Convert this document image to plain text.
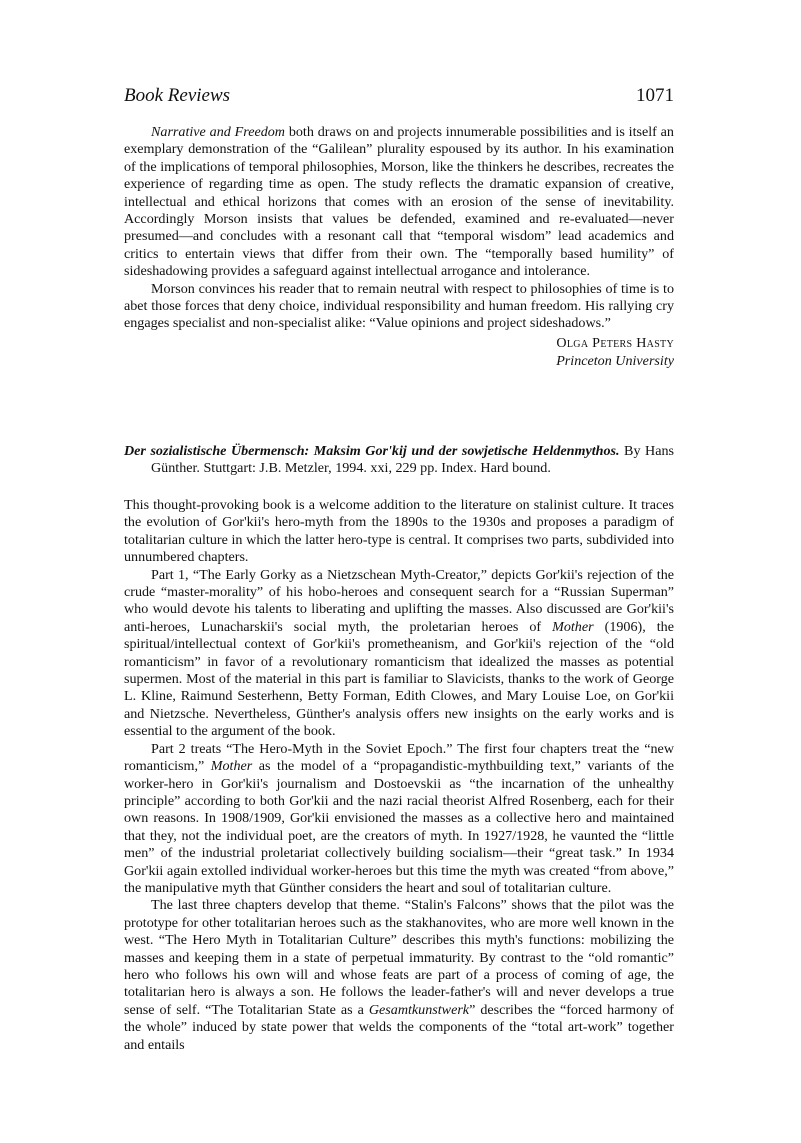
Book Reviews	1071

Narrative and Freedom both draws on and projects innumerable possibilities and is itself an exemplary demonstration of the “Galilean” plurality espoused by its author. In his examination of the implications of temporal philosophies, Morson, like the thinkers he describes, recreates the experience of regarding time as open. The study reflects the dramatic expansion of creative, intellectual and ethical horizons that comes with an erosion of the sense of inevitability. Accordingly Morson insists that values be defended, examined and re-evaluated—never presumed—and concludes with a resonant call that “temporal wisdom” lead academics and critics to entertain views that differ from their own. The “temporally based humility” of sideshadowing provides a safeguard against intellectual arrogance and intolerance.

Morson convinces his reader that to remain neutral with respect to philosophies of time is to abet those forces that deny choice, individual responsibility and human freedom. His rallying cry engages specialist and non-specialist alike: “Value opinions and project sideshadows.”

Olga Peters Hasty
Princeton University

Der sozialistische Übermensch: Maksim Gor'kij und der sowjetische Heldenmythos. By Hans Günther. Stuttgart: J.B. Metzler, 1994. xxi, 229 pp. Index. Hard bound.

This thought-provoking book is a welcome addition to the literature on stalinist culture. It traces the evolution of Gor'kii's hero-myth from the 1890s to the 1930s and proposes a paradigm of totalitarian culture in which the latter hero-type is central. It comprises two parts, subdivided into unnumbered chapters.

Part 1, “The Early Gorky as a Nietzschean Myth-Creator,” depicts Gor'kii's rejection of the crude “master-morality” of his hobo-heroes and consequent search for a “Russian Superman” who would devote his talents to liberating and uplifting the masses. Also discussed are Gor'kii's anti-heroes, Lunacharskii's social myth, the proletarian heroes of Mother (1906), the spiritual/intellectual context of Gor'kii's prometheanism, and Gor'kii's rejection of the “old romanticism” in favor of a revolutionary romanticism that idealized the masses as potential supermen. Most of the material in this part is familiar to Slavicists, thanks to the work of George L. Kline, Raimund Sesterhenn, Betty Forman, Edith Clowes, and Mary Louise Loe, on Gor'kii and Nietzsche. Nevertheless, Günther's analysis offers new insights on the early works and is essential to the argument of the book.

Part 2 treats “The Hero-Myth in the Soviet Epoch.” The first four chapters treat the “new romanticism,” Mother as the model of a “propagandistic-mythbuilding text,” variants of the worker-hero in Gor'kii's journalism and Dostoevskii as “the incarnation of the unhealthy principle” according to both Gor'kii and the nazi racial theorist Alfred Rosenberg, each for their own reasons. In 1908/1909, Gor'kii envisioned the masses as a collective hero and maintained that they, not the individual poet, are the creators of myth. In 1927/1928, he vaunted the “little men” of the industrial proletariat collectively building socialism—their “great task.” In 1934 Gor'kii again extolled individual worker-heroes but this time the myth was created “from above,” the manipulative myth that Günther considers the heart and soul of totalitarian culture.

The last three chapters develop that theme. “Stalin's Falcons” shows that the pilot was the prototype for other totalitarian heroes such as the stakhanovites, who are more well known in the west. “The Hero Myth in Totalitarian Culture” describes this myth's functions: mobilizing the masses and keeping them in a state of perpetual immaturity. By contrast to the “old romantic” hero who follows his own will and whose feats are part of a process of coming of age, the totalitarian hero is always a son. He follows the leader-father's will and never develops a true sense of self. “The Totalitarian State as a Gesamtkunstwerk” describes the “forced harmony of the whole” induced by state power that welds the components of the “total art-work” together and entails
